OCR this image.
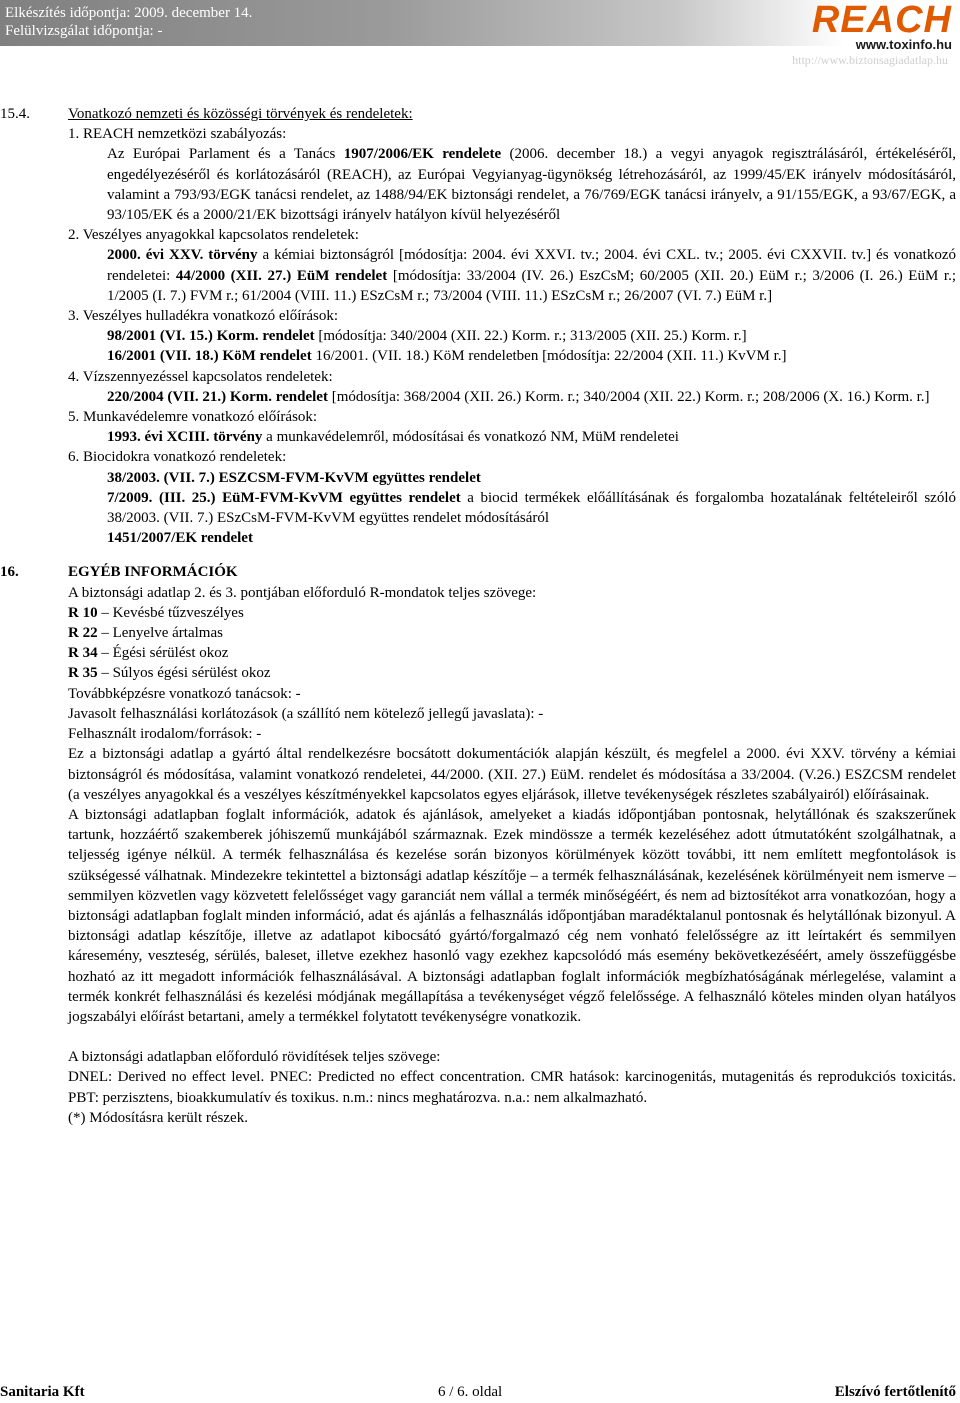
Elkészítés időpontja: 2009. december 14.
Felülvizsgálat időpontja: -	REACH
www.toxinfo.hu
http://www.biztonsagiadatlap.hu
15.4.	Vonatkozó nemzeti és közösségi törvények és rendeletek:
1. REACH nemzetközi szabályozás:
Az Európai Parlament és a Tanács 1907/2006/EK rendelete (2006. december 18.) a vegyi anyagok regisztrálásáról, értékeléséről, engedélyezéséről és korlátozásáról (REACH), az Európai Vegyianyag-ügynökség létrehozásáról, az 1999/45/EK irányelv módosításáról, valamint a 793/93/EGK tanácsi rendelet, az 1488/94/EK biztonsági rendelet, a 76/769/EGK tanácsi irányelv, a 91/155/EGK, a 93/67/EGK, a 93/105/EK és a 2000/21/EK bizottsági irányelv hatályon kívül helyezéséről
2. Veszélyes anyagokkal kapcsolatos rendeletek:
2000. évi XXV. törvény a kémiai biztonságról [módosítja: 2004. évi XXVI. tv.; 2004. évi CXL. tv.; 2005. évi CXXVII. tv.] és vonatkozó rendeletei: 44/2000 (XII. 27.) EüM rendelet [módosítja: 33/2004 (IV. 26.) EszCsM; 60/2005 (XII. 20.) EüM r.; 3/2006 (I. 26.) EüM r.; 1/2005 (I. 7.) FVM r.; 61/2004 (VIII. 11.) ESzCsM r.; 73/2004 (VIII. 11.) ESzCsM r.; 26/2007 (VI. 7.) EüM r.]
3. Veszélyes hulladékra vonatkozó előírások:
98/2001 (VI. 15.) Korm. rendelet [módosítja: 340/2004 (XII. 22.) Korm. r.; 313/2005 (XII. 25.) Korm. r.]
16/2001 (VII. 18.) KöM rendelet 16/2001. (VII. 18.) KöM rendeletben [módosítja: 22/2004 (XII. 11.) KvVM r.]
4. Vízszennyezéssel kapcsolatos rendeletek:
220/2004 (VII. 21.) Korm. rendelet [módosítja: 368/2004 (XII. 26.) Korm. r.; 340/2004 (XII. 22.) Korm. r.; 208/2006 (X. 16.) Korm. r.]
5. Munkavédelemre vonatkozó előírások:
1993. évi XCIII. törvény a munkavédelemről, módosításai és vonatkozó NM, MüM rendeletei
6. Biocidokra vonatkozó rendeletek:
38/2003. (VII. 7.) ESZCSM-FVM-KvVM együttes rendelet
7/2009. (III. 25.) EüM-FVM-KvVM együttes rendelet a biocid termékek előállításának és forgalomba hozatalának feltételeiről szóló 38/2003. (VII. 7.) ESzCsM-FVM-KvVM együttes rendelet módosításáról
1451/2007/EK rendelet
16.	EGYÉB INFORMÁCIÓK
A biztonsági adatlap 2. és 3. pontjában előforduló R-mondatok teljes szövege:
R 10 – Kevésbé tűzveszélyes
R 22 – Lenyelve ártalmas
R 34 – Égési sérülést okoz
R 35 – Súlyos égési sérülést okoz
Továbbképzésre vonatkozó tanácsok: -
Javasolt felhasználási korlátozások (a szállító nem kötelező jellegű javaslata): -
Felhasznált irodalom/források: -
Ez a biztonsági adatlap a gyártó által rendelkezésre bocsátott dokumentációk alapján készült, és megfelel a 2000. évi XXV. törvény a kémiai biztonságról és módosítása, valamint vonatkozó rendeletei, 44/2000. (XII. 27.) EüM. rendelet és módosítása a 33/2004. (V.26.) ESZCSM rendelet (a veszélyes anyagokkal és a veszélyes készítményekkel kapcsolatos egyes eljárások, illetve tevékenységek részletes szabályairól) előírásainak.
A biztonsági adatlapban foglalt információk, adatok és ajánlások, amelyeket a kiadás időpontjában pontosnak, helytállónak és szakszerűnek tartunk, hozzáértő szakemberek jóhiszemű munkájából származnak. Ezek mindössze a termék kezeléséhez adott útmutatóként szolgálhatnak, a teljesség igénye nélkül. A termék felhasználása és kezelése során bizonyos körülmények között további, itt nem említett megfontolások is szükségessé válhatnak. Mindezekre tekintettel a biztonsági adatlap készítője – a termék felhasználásának, kezelésének körülményeit nem ismerve – semmilyen közvetlen vagy közvetett felelősséget vagy garanciát nem vállal a termék minőségéért, és nem ad biztosítékot arra vonatkozóan, hogy a biztonsági adatlapban foglalt minden információ, adat és ajánlás a felhasználás időpontjában maradéktalanul pontosnak és helytállónak bizonyul. A biztonsági adatlap készítője, illetve az adatlapot kibocsátó gyártó/forgalmazó cég nem vonható felelősségre az itt leírtakért és semmilyen káresemény, veszteség, sérülés, baleset, illetve ezekhez hasonló vagy ezekhez kapcsolódó más esemény bekövetkezéséért, amely összefüggésbe hozható az itt megadott információk felhasználásával. A biztonsági adatlapban foglalt információk megbízhatóságának mérlegelése, valamint a termék konkrét felhasználási és kezelési módjának megállapítása a tevékenységet végző felelőssége. A felhasználó köteles minden olyan hatályos jogszabályi előírást betartani, amely a termékkel folytatott tevékenységre vonatkozik.
A biztonsági adatlapban előforduló rövidítések teljes szövege:
DNEL: Derived no effect level. PNEC: Predicted no effect concentration. CMR hatások: karcinogenitás, mutagenitás és reprodukciós toxicitás. PBT: perzisztens, bioakkumulatív és toxikus. n.m.: nincs meghatározva. n.a.: nem alkalmazható.
(*) Módosításra került részek.
Sanitaria Kft	6 / 6. oldal	Elszívó fertőtlenítő
